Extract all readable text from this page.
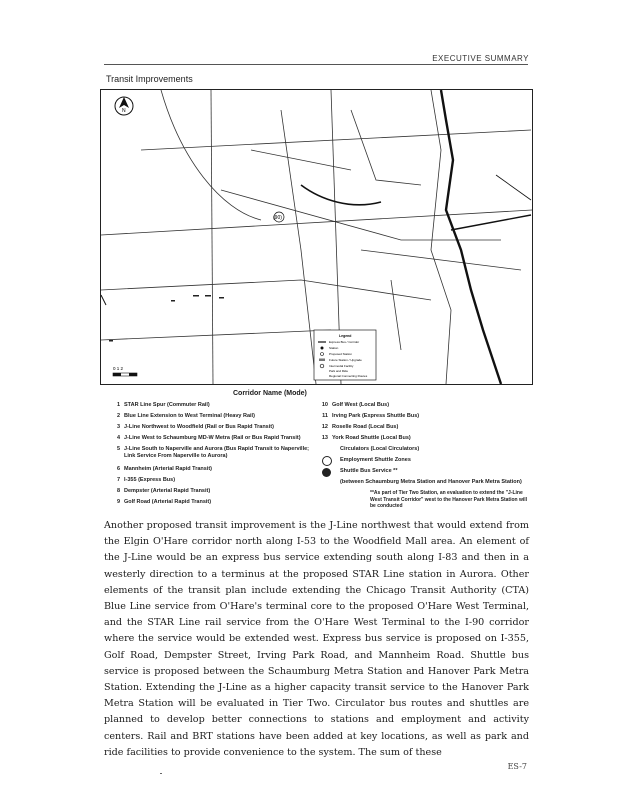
EXECUTIVE SUMMARY
Transit Improvements
N
(90)
0 1 2
Legend
Express Bus / Corridor
Station
Proposed Station
Future Station / Upgrade
Intermodal Facility
Park and Ride
Regional Connecting Routes
Corridor Name (Mode)
1 STAR Line Spur (Commuter Rail)
2 Blue Line Extension to West Terminal (Heavy Rail)
3 J-Line Northwest to Woodfield (Rail or Bus Rapid Transit)
4 J-Line West to Schaumburg MD-W Metra (Rail or Bus Rapid Transit)
5 J-Line South to Naperville and Aurora (Bus Rapid Transit to Naperville; Link Service From Naperville to Aurora)
6 Mannheim (Arterial Rapid Transit)
7 I-355 (Express Bus)
8 Dempster (Arterial Rapid Transit)
9 Golf Road (Arterial Rapid Transit)
10 Golf West (Local Bus)
11 Irving Park (Express Shuttle Bus)
12 Roselle Road (Local Bus)
13 York Road Shuttle (Local Bus)
Circulators (Local Circulators)
Employment Shuttle Zones
Shuttle Bus Service **
(between Schaumburg Metra Station and Hanover Park Metra Station)
**As part of Tier Two Station, an evaluation to extend the "J-Line West Transit Corridor" west to the Hanover Park Metra Station will be conducted
Another proposed transit improvement is the J-Line northwest that would extend from the Elgin O'Hare corridor north along I-53 to the Woodfield Mall area. An element of the J-Line would be an express bus service extending south along I-83 and then in a westerly direction to a terminus at the proposed STAR Line station in Aurora. Other elements of the transit plan include extending the Chicago Transit Authority (CTA) Blue Line service from O'Hare's terminal core to the proposed O'Hare West Terminal, and the STAR Line rail service from the O'Hare West Terminal to the I-90 corridor where the service would be extended west. Express bus service is proposed on I-355, Golf Road, Dempster Street, Irving Park Road, and Mannheim Road. Shuttle bus service is proposed between the Schaumburg Metra Station and Hanover Park Metra Station. Extending the J-Line as a higher capacity transit service to the Hanover Park Metra Station will be evaluated in Tier Two. Circulator bus routes and shuttles are planned to develop better connections to stations and employment and activity centers. Rail and BRT stations have been added at key locations, as well as park and ride facilities to provide convenience to the system. The sum of these
ES-7
